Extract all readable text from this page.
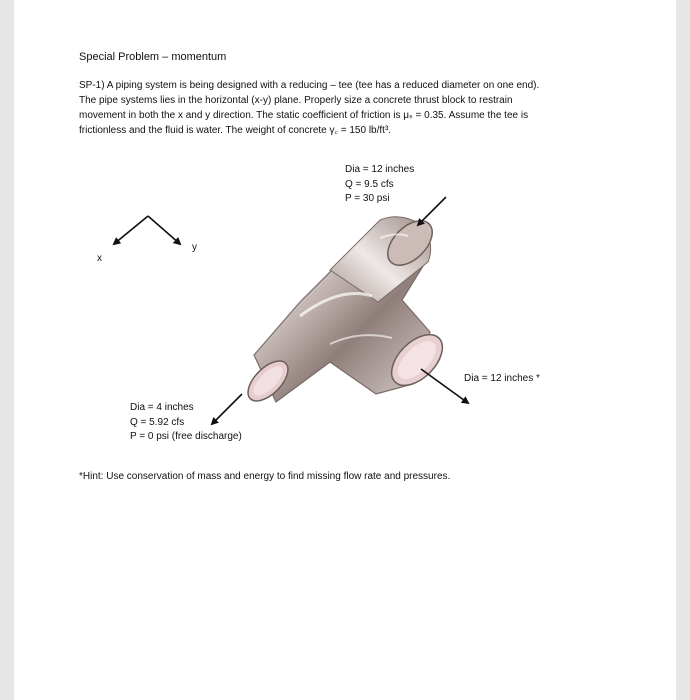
Special Problem – momentum
SP-1) A piping system is being designed with a reducing – tee (tee has a reduced diameter on one end).
The pipe systems lies in the horizontal (x-y) plane. Properly size a concrete thrust block to restrain
movement in both the x and y direction. The static coefficient of friction is μₛ = 0.35. Assume the tee is
frictionless and the fluid is water. The weight of concrete γ꜀ = 150 lb/ft³.
x
y
Dia = 12 inches
Q = 9.5 cfs
P = 30 psi
Dia = 12 inches *
Dia = 4 inches
Q = 5.92 cfs
P = 0 psi (free discharge)
*Hint: Use conservation of mass and energy to find missing flow rate and pressures.
